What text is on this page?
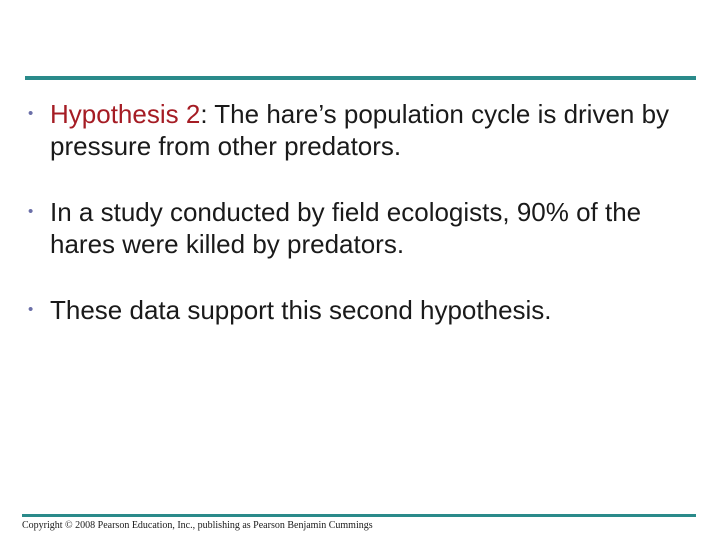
• Hypothesis 2: The hare’s population cycle is driven by pressure from other predators.
• In a study conducted by field ecologists, 90% of the hares were killed by predators.
• These data support this second hypothesis.
Copyright © 2008 Pearson Education, Inc., publishing as Pearson Benjamin Cummings
